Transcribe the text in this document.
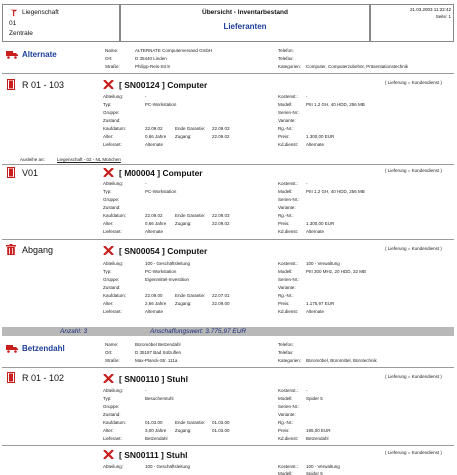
Liegenschaft
01
Zentrale
Übersicht - Inventarbestand
Lieferanten
21.03.2003 11:22:42
Seite: 1
Alternate	Name:	ALTERNATE Computerversand GmbH
Ort:	D 35440 Linden
Straße:	Philipp-Reis-Str.9
Telefon:
Telefax:
Kategorien: Computer, Computerzubehör, Präsentationstechnik
R 01 - 103	[ SN00124 ] Computer	( Lieferung = Kundendienst )
Abteilung:	-
Typ:	PC-Workstation
Gruppe:
Zustand:
Kaufdatum:	22.09.02	Ende Garantie: 22.09.03
Alter:	0,66 Jahre Zugang:	22.09.02
Lieferant:	Alternate
Kostenst.: -
Modell:	PIII 1,2 GH, 40 HDD, 256 MB
Serien-Nr.:
Variante:
Rg.-Nr.:
Preis:	1.300,00 EUR
Kd.dienst: Alternate
Ausleihe an:	Liegenschaft - 02 - NL München
V01	[ M00004 ] Computer	( Lieferung = Kundendienst )
Abteilung:	-
Typ:	PC-Workstation
Gruppe:
Zustand:
Kaufdatum:	22.09.02	Ende Garantie: 22.09.03
Alter:	0,66 Jahre Zugang:	22.09.02
Lieferant:	Alternate
Kostenst.: -
Modell:	PIII 1,2 GH, 40 HDD, 256 MB
Serien-Nr.:
Variante:
Rg.-Nr.:
Preis:	1.300,00 EUR
Kd.dienst: Alternate
Abgang	[ SN00054 ] Computer	( Lieferung = Kundendienst )
Abteilung:	100 - Geschäftsleitung
Typ:	PC-Workstation
Gruppe:	Eigenmittel-Investition
Zustand:
Kaufdatum:	22.09.00	Ende Garantie: 22.07.01
Alter:	2,66 Jahre Zugang:	22.09.00
Lieferant:	Alternate
Kostenst.: 100 - Verwaltung
Modell:	PIII 300 MHz, 20 HDD, 32 MB
Serien-Nr.:
Variante:
Rg.-Nr.:
Preis:	1.175,97 EUR
Kd.dienst: Alternate
Anzahl: 3	Anschaffungswert: 3.775,97 EUR
Betzendahl	Name:	Büromöbel Betzendahl
Ort:	D 35187 Bad Sülzuflen
Straße:	Max-Planck-Str. 111a
Telefon:
Telefax:
Kategorien: Büromöbel, Büromittel, Bürotechnik
R 01 - 102	[ SN00110 ] Stuhl	( Lieferung = Kundendienst )
Abteilung:	-
Typ:	Besucherstuhl
Gruppe:
Zustand:
Kaufdatum:	01.03.00	Ende Garantie: 01.03.00
Alter:	3,00 Jahre Zugang:	01.03.00
Lieferant:	Betzendahl
Kostenst.: -
Modell:	Spider 5
Serien-Nr.:
Variante:
Rg.-Nr.:
Preis:	195,00 EUR
Kd.dienst: Betzendahl
[ SN00111 ] Stuhl	( Lieferung = Kundendienst )
Abteilung:	100 - Geschäftsleitung	Kostenst.: 100 - Verwaltung
Modell:	Spider 5
